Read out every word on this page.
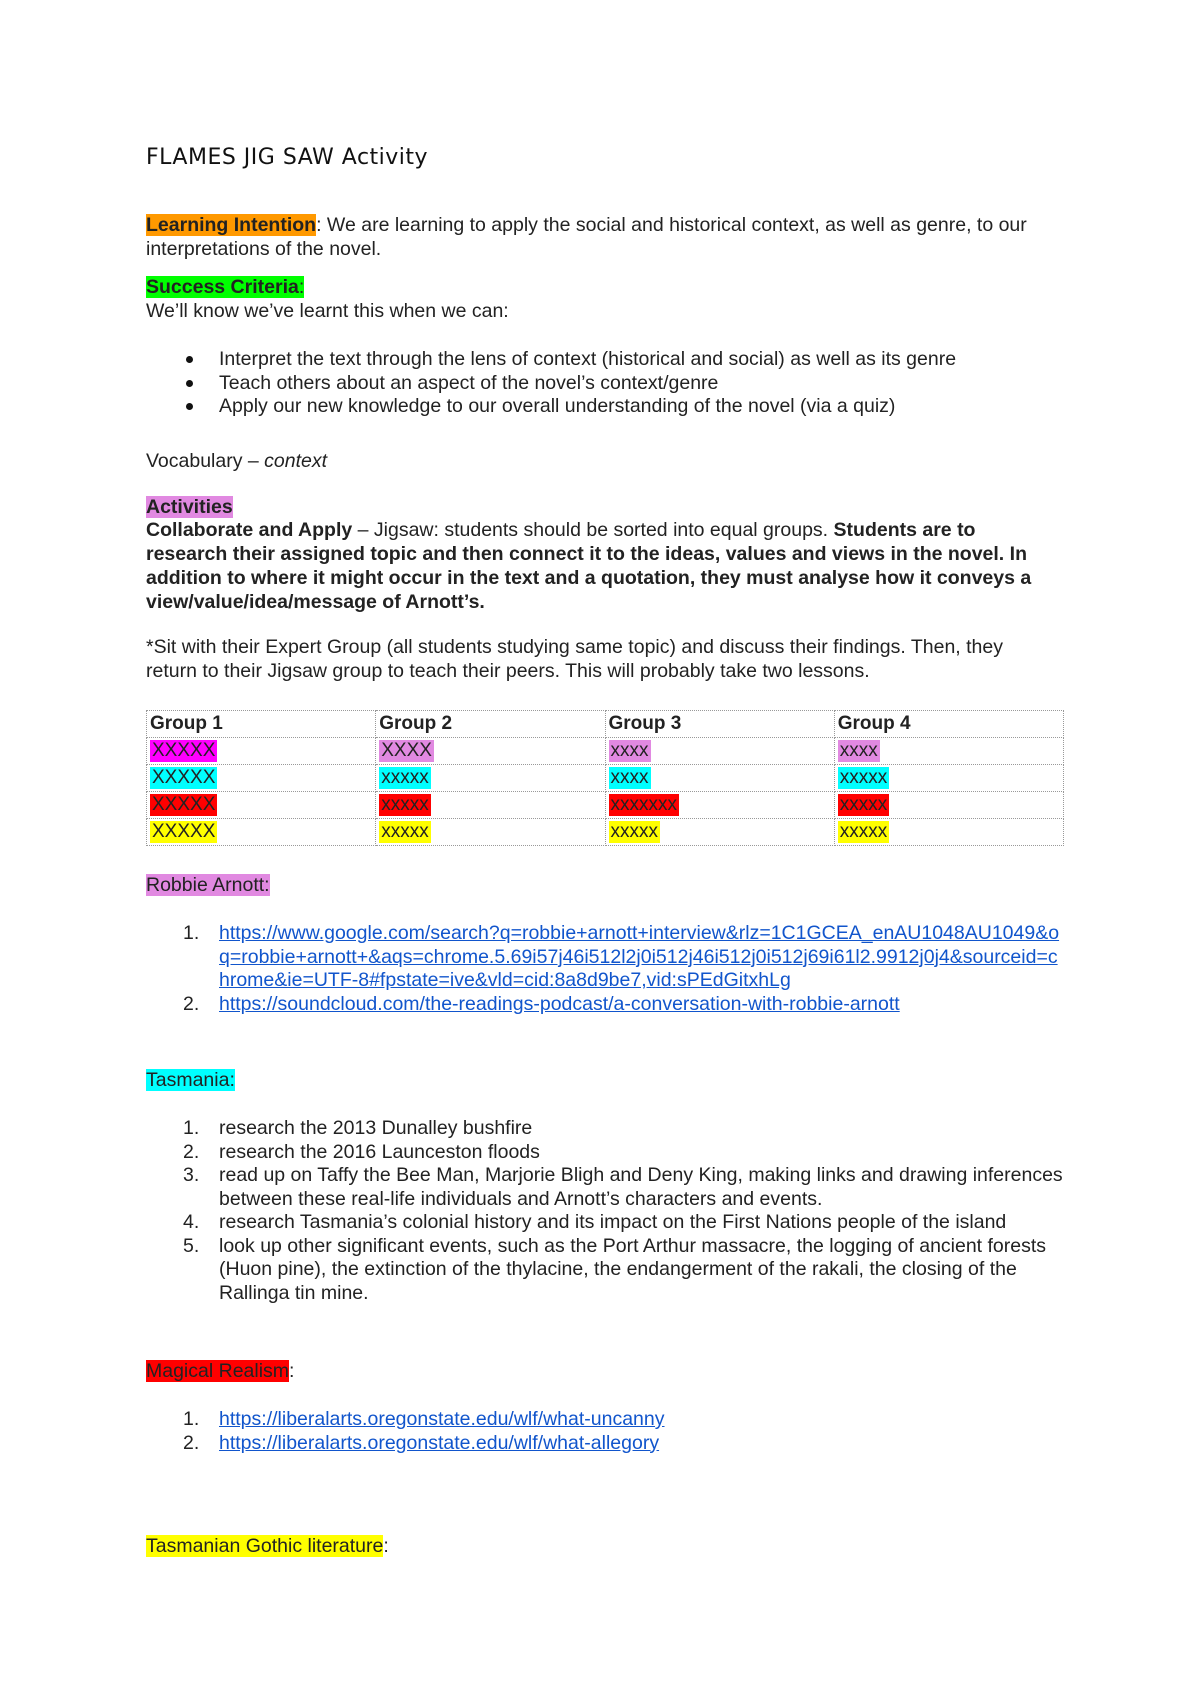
FLAMES JIG SAW Activity
Learning Intention: We are learning to apply the social and historical context, as well as genre, to our interpretations of the novel.
Success Criteria:
We’ll know we’ve learnt this when we can:
Interpret the text through the lens of context (historical and social) as well as its genre
Teach others about an aspect of the novel’s context/genre
Apply our new knowledge to our overall understanding of the novel (via a quiz)
Vocabulary – context
Activities
Collaborate and Apply – Jigsaw: students should be sorted into equal groups. Students are to research their assigned topic and then connect it to the ideas, values and views in the novel. In addition to where it might occur in the text and a quotation, they must analyse how it conveys a view/value/idea/message of Arnott’s.
*Sit with their Expert Group (all students studying same topic) and discuss their findings. Then, they return to their Jigsaw group to teach their peers. This will probably take two lessons.
Group 1	Group 2	Group 3	Group 4
XXXXX	XXXX	xxxx	xxxx
XXXXX	xxxxx	xxxx	xxxxx
XXXXX	xxxxx	xxxxxxx	xxxxx
XXXXX	xxxxx	xxxxx	xxxxx
Robbie Arnott:
1. https://www.google.com/search?q=robbie+arnott+interview&rlz=1C1GCEA_enAU1048AU1049&oq=robbie+arnott+&aqs=chrome.5.69i57j46i512l2j0i512j46i512j0i512j69i61l2.9912j0j4&sourceid=chrome&ie=UTF-8#fpstate=ive&vld=cid:8a8d9be7,vid:sPEdGitxhLg
2. https://soundcloud.com/the-readings-podcast/a-conversation-with-robbie-arnott
Tasmania:
1. research the 2013 Dunalley bushfire
2. research the 2016 Launceston floods
3. read up on Taffy the Bee Man, Marjorie Bligh and Deny King, making links and drawing inferences between these real-life individuals and Arnott’s characters and events.
4. research Tasmania’s colonial history and its impact on the First Nations people of the island
5. look up other significant events, such as the Port Arthur massacre, the logging of ancient forests (Huon pine), the extinction of the thylacine, the endangerment of the rakali, the closing of the Rallinga tin mine.
Magical Realism:
1. https://liberalarts.oregonstate.edu/wlf/what-uncanny
2. https://liberalarts.oregonstate.edu/wlf/what-allegory
Tasmanian Gothic literature:
